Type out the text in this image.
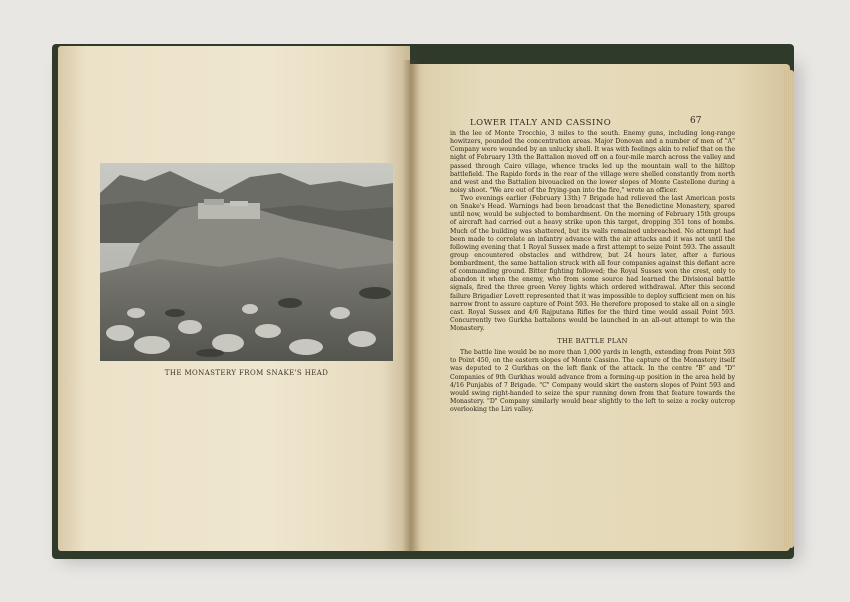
THE MONASTERY FROM SNAKE'S HEAD
LOWER ITALY AND CASSINO	67

in the lee of Monte Trocchio, 3 miles to the south. Enemy guns, including long-range howitzers, pounded the concentration areas. Major Donovan and a number of men of "A" Company were wounded by an unlucky shell. It was with feelings akin to relief that on the night of February 13th the Battalion moved off on a four-mile march across the valley and passed through Cairo village, whence tracks led up the mountain wall to the hilltop battlefield. The Rapido fords in the rear of the village were shelled constantly from north and west and the Battalion bivouacked on the lower slopes of Monte Castellone during a noisy shoot. "We are out of the frying-pan into the fire," wrote an officer.

Two evenings earlier (February 13th) 7 Brigade had relieved the last American posts on Snake's Head. Warnings had been broadcast that the Benedictine Monastery, spared until now, would be subjected to bombardment. On the morning of February 15th groups of aircraft had carried out a heavy strike upon this target, dropping 351 tons of bombs. Much of the building was shattered, but its walls remained unbreached. No attempt had been made to correlate an infantry advance with the air attacks and it was not until the following evening that 1 Royal Sussex made a first attempt to seize Point 593. The assault group encountered obstacles and withdrew, but 24 hours later, after a furious bombardment, the same battalion struck with all four companies against this defiant acre of commanding ground. Bitter fighting followed; the Royal Sussex won the crest, only to abandon it when the enemy, who from some source had learned the Divisional battle signals, fired the three green Verey lights which ordered withdrawal. After this second failure Brigadier Lovett represented that it was impossible to deploy sufficient men on his narrow front to assure capture of Point 593. He therefore proposed to stake all on a single cast. Royal Sussex and 4/6 Rajputana Rifles for the third time would assail Point 593. Concurrently two Gurkha battalions would be launched in an all-out attempt to win the Monastery.

THE BATTLE PLAN

The battle line would be no more than 1,000 yards in length, extending from Point 593 to Point 450, on the eastern slopes of Monte Cassino. The capture of the Monastery itself was deputed to 2 Gurkhas on the left flank of the attack. In the centre "B" and "D" Companies of 9th Gurkhas would advance from a forming-up position in the area held by 4/16 Punjabis of 7 Brigade. "C" Company would skirt the eastern slopes of Point 593 and would swing right-handed to seize the spur running down from that feature towards the Monastery. "D" Company similarly would bear slightly to the left to seize a rocky outcrop overlooking the Liri valley.
